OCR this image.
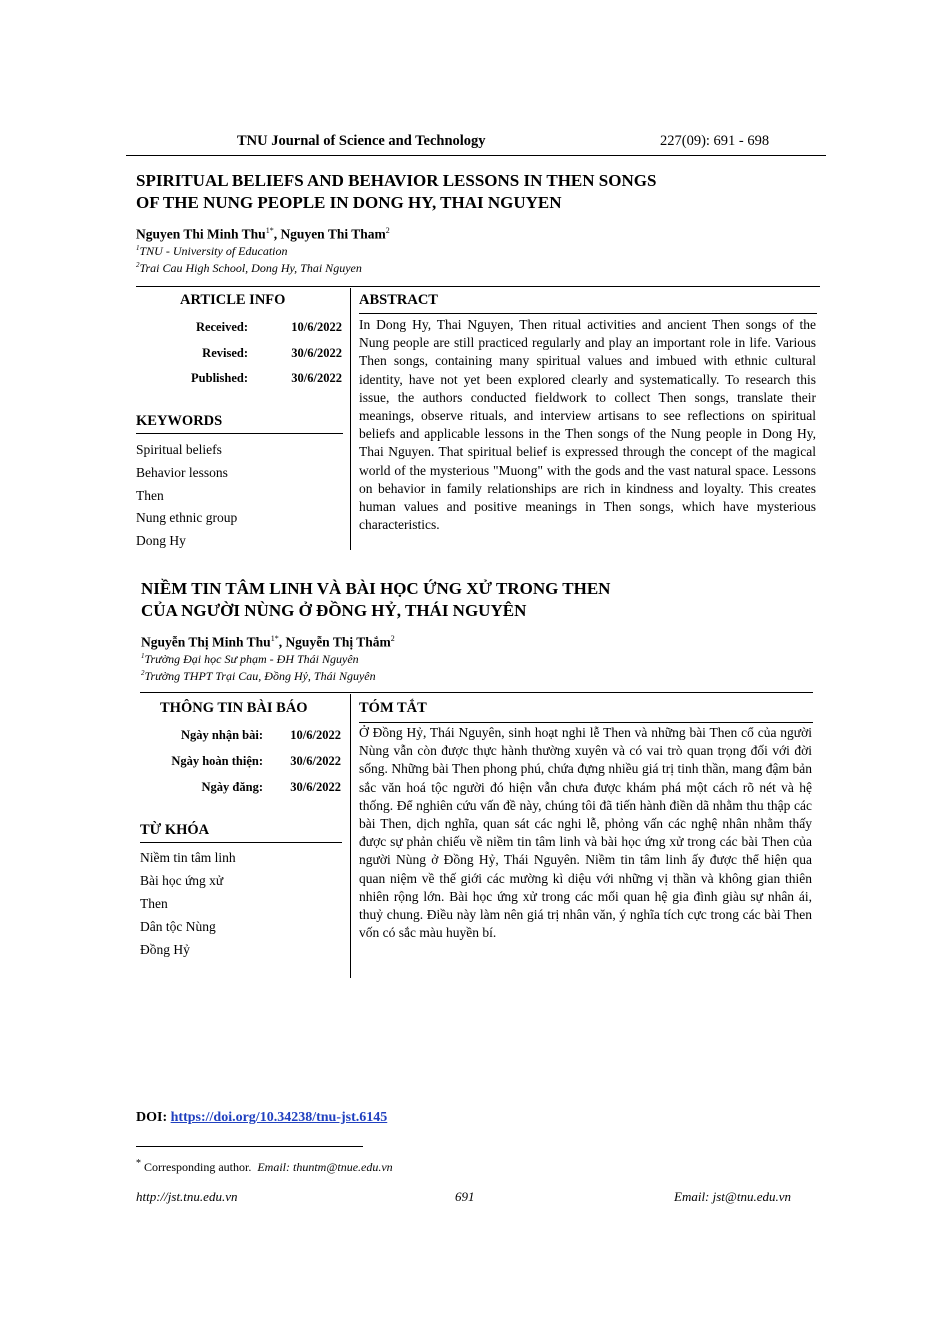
TNU Journal of Science and Technology	227(09): 691 - 698
SPIRITUAL BELIEFS AND BEHAVIOR LESSONS IN THEN SONGS
OF THE NUNG PEOPLE IN DONG HY, THAI NGUYEN
Nguyen Thi Minh Thu$^{1*}$, Nguyen Thi Tham$^2$
$^1$TNU - University of Education
$^2$Trai Cau High School, Dong Hy, Thai Nguyen
ARTICLE INFO	ABSTRACT
Received:	10/6/2022
Revised:	30/6/2022
Published:	30/6/2022
KEYWORDS
Spiritual beliefs
Behavior lessons
Then
Nung ethnic group
Dong Hy
In Dong Hy, Thai Nguyen, Then ritual activities and ancient Then songs of the Nung people are still practiced regularly and play an important role in life. Various Then songs, containing many spiritual values and imbued with ethnic cultural identity, have not yet been explored clearly and systematically. To research this issue, the authors conducted fieldwork to collect Then songs, translate their meanings, observe rituals, and interview artisans to see reflections on spiritual beliefs and applicable lessons in the Then songs of the Nung people in Dong Hy, Thai Nguyen. That spiritual belief is expressed through the concept of the magical world of the mysterious "Muong" with the gods and the vast natural space. Lessons on behavior in family relationships are rich in kindness and loyalty. This creates human values and positive meanings in Then songs, which have mysterious characteristics.
NIỀM TIN TÂM LINH VÀ BÀI HỌC ỨNG XỬ TRONG THEN
CỦA NGƯỜI NÙNG Ở ĐỒNG HỶ, THÁI NGUYÊN
Nguyễn Thị Minh Thu$^{1*}$, Nguyễn Thị Thắm$^2$
$^1$Trường Đại học Sư phạm - ĐH Thái Nguyên
$^2$Trường THPT Trại Cau, Đồng Hỷ, Thái Nguyên
THÔNG TIN BÀI BÁO	TÓM TẮT
Ngày nhận bài: 10/6/2022
Ngày hoàn thiện: 30/6/2022
Ngày đăng: 30/6/2022
TỪ KHÓA
Niềm tin tâm linh
Bài học ứng xử
Then
Dân tộc Nùng
Đồng Hỷ
Ở Đồng Hỷ, Thái Nguyên, sinh hoạt nghi lễ Then và những bài Then cổ của người Nùng vẫn còn được thực hành thường xuyên và có vai trò quan trọng đối với đời sống. Những bài Then phong phú, chứa đựng nhiều giá trị tinh thần, mang đậm bản sắc văn hoá tộc người đó hiện vẫn chưa được khám phá một cách rõ nét và hệ thống. Để nghiên cứu vấn đề này, chúng tôi đã tiến hành điền dã nhằm thu thập các bài Then, dịch nghĩa, quan sát các nghi lễ, phỏng vấn các nghệ nhân nhằm thấy được sự phản chiếu về niềm tin tâm linh và bài học ứng xử trong các bài Then của người Nùng ở Đồng Hỷ, Thái Nguyên. Niềm tin tâm linh ấy được thể hiện qua quan niệm về thế giới các mường kì diệu với những vị thần và không gian thiên nhiên rộng lớn. Bài học ứng xử trong các mối quan hệ gia đình giàu sự nhân ái, thuỷ chung. Điều này làm nên giá trị nhân văn, ý nghĩa tích cực trong các bài Then vốn có sắc màu huyền bí.
DOI: https://doi.org/10.34238/tnu-jst.6145
* Corresponding author. Email: thuntm@tnue.edu.vn
http://jst.tnu.edu.vn	691	Email: jst@tnu.edu.vn
